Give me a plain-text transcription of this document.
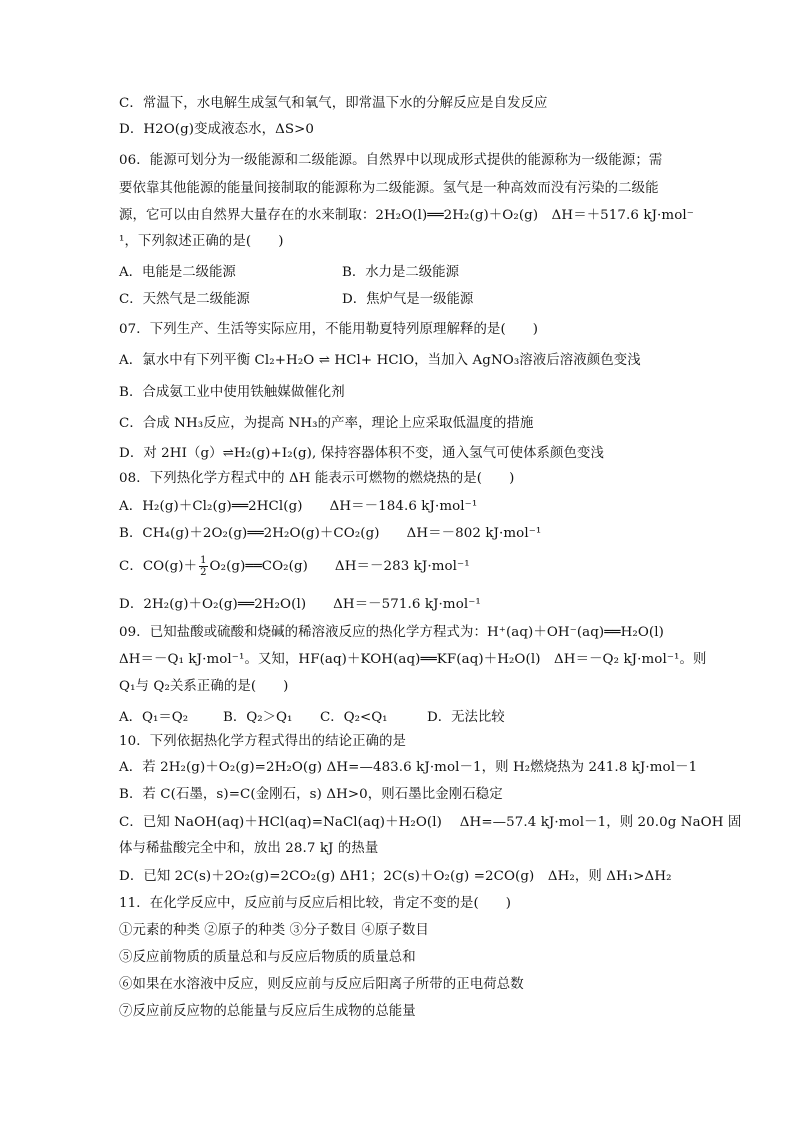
C．常温下，水电解生成氢气和氧气，即常温下水的分解反应是自发反应
D．H2O(g)变成液态水，ΔS>0
06．能源可划分为一级能源和二级能源。自然界中以现成形式提供的能源称为一级能源；需
要依靠其他能源的能量间接制取的能源称为二级能源。氢气是一种高效而没有污染的二级能
源，它可以由自然界大量存在的水来制取：2H₂O(l)══2H₂(g)＋O₂(g)　ΔH＝＋517.6 kJ·mol⁻
¹，下列叙述正确的是(　　)
A．电能是二级能源	B．水力是二级能源
C．天然气是二级能源	D．焦炉气是一级能源
07．下列生产、生活等实际应用，不能用勒夏特列原理解释的是(　　)
A．氯水中有下列平衡 Cl₂+H₂O ⇌ HCl+ HClO，当加入 AgNO₃溶液后溶液颜色变浅
B．合成氨工业中使用铁触媒做催化剂
C．合成 NH₃反应，为提高 NH₃的产率，理论上应采取低温度的措施
D．对 2HI（g）⇌H₂(g)+I₂(g), 保持容器体积不变，通入氢气可使体系颜色变浅
08．下列热化学方程式中的 ΔH 能表示可燃物的燃烧热的是(　　)
A．H₂(g)＋Cl₂(g)══2HCl(g)　　ΔH＝－184.6 kJ·mol⁻¹
B．CH₄(g)＋2O₂(g)══2H₂O(g)＋CO₂(g)　　ΔH＝－802 kJ·mol⁻¹
C．$CO(g)+ \frac{1}{2}$ O₂(g)══CO₂(g)　　ΔH＝－283 kJ·mol⁻¹
D．2H₂(g)＋O₂(g)══2H₂O(l)　　ΔH＝－571.6 kJ·mol⁻¹
09．已知盐酸或硫酸和烧碱的稀溶液反应的热化学方程式为：H⁺(aq)＋OH⁻(aq)══H₂O(l)
ΔH＝－Q₁ kJ·mol⁻¹。又知，HF(aq)＋KOH(aq)══KF(aq)＋H₂O(l)　ΔH＝－Q₂ kJ·mol⁻¹。则
Q₁与 Q₂关系正确的是(　　)
A．Q₁＝Q₂	B．Q₂＞Q₁ C．Q₂<Q₁	D．无法比较
10．下列依据热化学方程式得出的结论正确的是
A．若 2H₂(g)＋O₂(g)=2H₂O(g) ΔH=—483.6 kJ·mol－1，则 H₂燃烧热为 241.8 kJ·mol－1
B．若 C(石墨，s)=C(金刚石，s) ΔH>0，则石墨比金刚石稳定
C．已知 NaOH(aq)＋HCl(aq)=NaCl(aq)＋H₂O(l)　 ΔH=—57.4 kJ·mol－1，则 20.0g NaOH 固
体与稀盐酸完全中和，放出 28.7 kJ 的热量
D．已知 2C(s)＋2O₂(g)=2CO₂(g) ΔH1；2C(s)＋O₂(g) =2CO(g)　ΔH₂，则 ΔH₁>ΔH₂
11．在化学反应中，反应前与反应后相比较，肯定不变的是(　　)
①元素的种类 ②原子的种类 ③分子数目 ④原子数目
⑤反应前物质的质量总和与反应后物质的质量总和
⑥如果在水溶液中反应，则反应前与反应后阳离子所带的正电荷总数
⑦反应前反应物的总能量与反应后生成物的总能量
